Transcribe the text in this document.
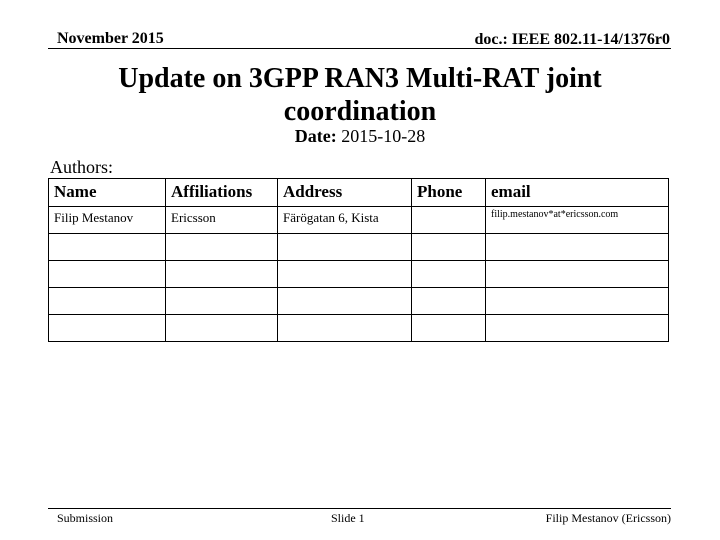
November 2015	doc.: IEEE 802.11-14/1376r0
Update on 3GPP RAN3 Multi-RAT joint
coordination
Date: 2015-10-28
Authors:
Name	Affiliations	Address	Phone	email
Filip Mestanov	Ericsson	Färögatan 6, Kista		filip.mestanov*at*ericsson.com

Submission	Slide 1	Filip Mestanov (Ericsson)
